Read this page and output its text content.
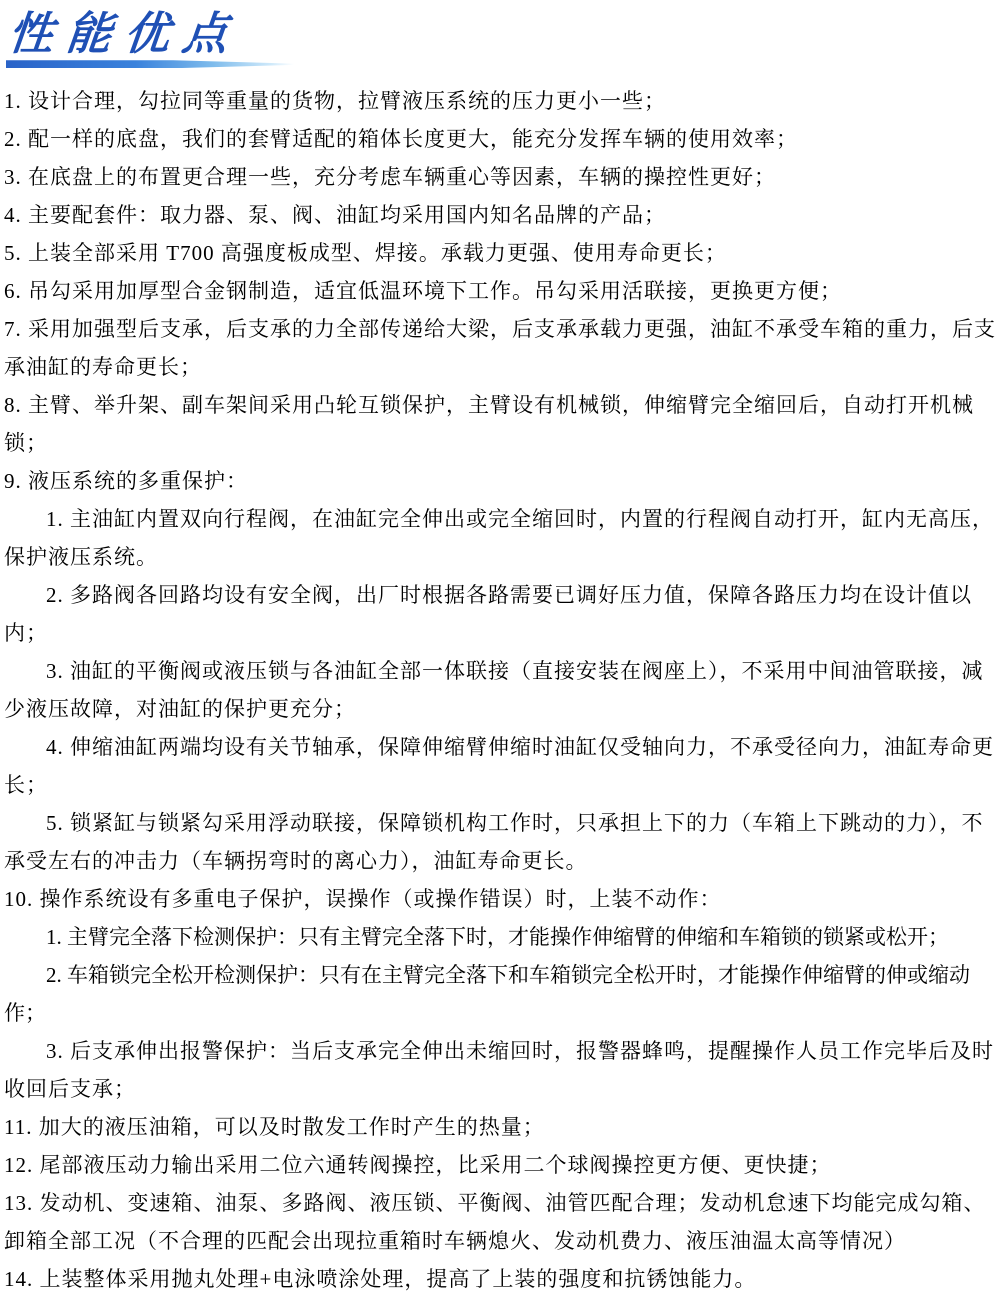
性能优点

1. 设计合理，勾拉同等重量的货物，拉臂液压系统的压力更小一些；

2. 配一样的底盘，我们的套臂适配的箱体长度更大，能充分发挥车辆的使用效率；

3. 在底盘上的布置更合理一些，充分考虑车辆重心等因素，车辆的操控性更好；

4. 主要配套件：取力器、泵、阀、油缸均采用国内知名品牌的产品；

5. 上装全部采用 T700 高强度板成型、焊接。承载力更强、使用寿命更长；

6. 吊勾采用加厚型合金钢制造，适宜低温环境下工作。吊勾采用活联接，更换更方便；

7. 采用加强型后支承，后支承的力全部传递给大梁，后支承承载力更强，油缸不承受车箱的重力，后支承油缸的寿命更长；

8. 主臂、举升架、副车架间采用凸轮互锁保护，主臂设有机械锁，伸缩臂完全缩回后，自动打开机械锁；

9. 液压系统的多重保护：

1. 主油缸内置双向行程阀，在油缸完全伸出或完全缩回时，内置的行程阀自动打开，缸内无高压，保护液压系统。

2. 多路阀各回路均设有安全阀，出厂时根据各路需要已调好压力值，保障各路压力均在设计值以内；

3. 油缸的平衡阀或液压锁与各油缸全部一体联接（直接安装在阀座上），不采用中间油管联接，减少液压故障，对油缸的保护更充分；

4. 伸缩油缸两端均设有关节轴承，保障伸缩臂伸缩时油缸仅受轴向力，不承受径向力，油缸寿命更长；

5. 锁紧缸与锁紧勾采用浮动联接，保障锁机构工作时，只承担上下的力（车箱上下跳动的力），不承受左右的冲击力（车辆拐弯时的离心力），油缸寿命更长。

10. 操作系统设有多重电子保护，误操作（或操作错误）时，上装不动作：

1. 主臂完全落下检测保护：只有主臂完全落下时，才能操作伸缩臂的伸缩和车箱锁的锁紧或松开；

2. 车箱锁完全松开检测保护：只有在主臂完全落下和车箱锁完全松开时，才能操作伸缩臂的伸或缩动作；

3. 后支承伸出报警保护：当后支承完全伸出未缩回时，报警器蜂鸣，提醒操作人员工作完毕后及时收回后支承；

11. 加大的液压油箱，可以及时散发工作时产生的热量；

12. 尾部液压动力输出采用二位六通转阀操控，比采用二个球阀操控更方便、更快捷；

13. 发动机、变速箱、油泵、多路阀、液压锁、平衡阀、油管匹配合理；发动机怠速下均能完成勾箱、卸箱全部工况（不合理的匹配会出现拉重箱时车辆熄火、发动机费力、液压油温太高等情况）

14. 上装整体采用抛丸处理+电泳喷涂处理，提高了上装的强度和抗锈蚀能力。
